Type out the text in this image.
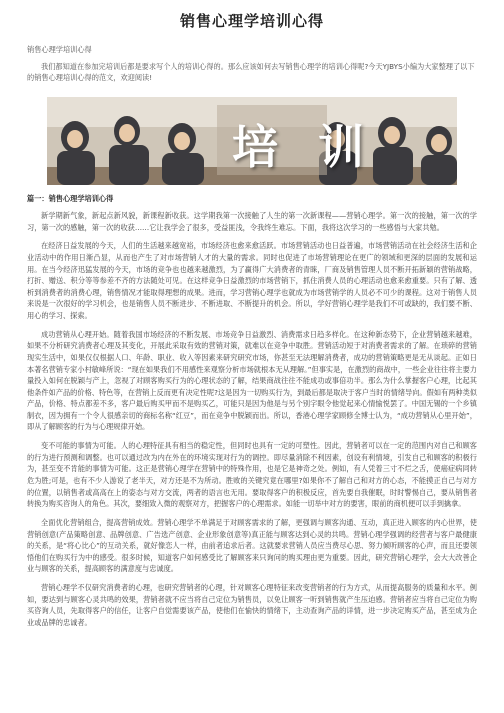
销售心理学培训心得
销售心理学培训心得
我们都知道在参加完培训后都是要求写个人的培训心得的。那么应该如何去写销售心理学的培训心得呢?今天YJBYS小编为大家整理了以下的销售心理培训心得的范文，欢迎阅读!
培 训
篇一：销售心理学培训心得

新学期新气象，新起点新风貌，新课程新收获。这学期我第一次接触了人生的第一次新课程——营销心理学。第一次的接触，第一次的学习，第一次的感触，第一次的收获……它让我学会了很多，受益匪浅，令我终生难忘。下面，我将这次学习的一些感悟与大家共勉。

在经济日益发展的今天，人们的生活越来越宽裕，市场经济也愈来愈活跃。市场营销活动也日益普遍，市场营销活动在社会经济生活和企业活动中的作用日渐凸显，从而也产生了对市场营销人才的大量的需求。同时也促进了市场营销理论在更广的领域和更深的层面的发展和运用。在当今经济迅猛发展的今天，市场的竞争也也越来越激烈，为了赢得广大消费者的青睐，厂商及销售管理人员不断开拓新颖的营销战略，打折、赠送、积分等等参差不齐的方法随处可见。在这样竞争日益激烈的市场营销下，抓住消费人员的心理活动也愈来愈重要。只有了解、透析到消费者的消费心理，销售情况才能取得理想的成果。进而，学习营销心理学也就成为市场营销学的人员必不可少的课程。这对于销售人员来说是一次很好的学习机会，也是销售人员不断进步、不断进取、不断提升的机会。所以，学好营销心理学是我们不可或缺的，我们要不断、用心的学习、探索。

成功营销从心理开始。随着我国市场经济的不断发展、市场竞争日益激烈、消费需求日趋多样化。在这种新态势下，企业营销越来越难，如果不分析研究消费者心理及其变化，开展此采取有效的营销对策，就难以在竞争中取胜。营销活动短于对消费者需求的了解。在琐碎的营销现实生活中，如果仅仅根据人口、年龄、职业、收入等因素来研究研究市场，你甚至无法理解消费者，成功的营销策略更是无从谈起。正如日本著名营销专家小村敏峰所说：“现在如果我们不用感性来观察分析市场就根本无从理解。”但事实是，在激烈的商战中，一些企业往往将主要力量投入如何在脱颖与产上，忽视了对顾客购买行为的心理状态的了解，结果商战往往不能成功或事倍功半。那么为什么掌握客户心理，比起其他条件如产品的价格、特色等，在营销上反而更有决定性呢?这是因为一切购买行为，到最后都是取决于客户当时的情绪导向。假如有两种类似产品，价格、特点都差不多，客户最后购买甲而不是购买乙，可能只是因为他是与另个别字眼令他觉起来心情愉悦罢了。中国无锡的一个乡镇制衣，因为拥有一个令人很感亲切的商标名称“红豆”，而在竞争中脱颖而出。所以，香港心理学家顾修全博士认为，“成功营销从心里开始”，即从了解顾客的行为与心理规律开始。

变不可能的事情为可能。人的心理特征具有相当的稳定性，但同时也具有一定的可塑性。因此，营销者可以在一定的范围内对自己和顾客的行为进行预测和调整。也可以通过改为内在外在的环境实现对行为的调控。即尽量消除不利因素，创设有利情境，引发自己和顾客的积极行为，甚至变不肯能的事情为可能。这正是营销心理学在营销中的特殊作用，也是它是神奇之处。例如，有人凭着三寸不烂之舌，使癌症病同转危为胜;可是，也有不少人游说了老半天，对方还是不为所动。胜败的关键究竟在哪里?如果你不了解自己和对方的心态，不能摸正自己与对方的位置，以销售者或高高在上的姿态与对方交流，两者的语言也无用。要取得客户的积极反应，首先要自我催眠，时时警惕自己，要从销售者转换为购买咨询人的角色。其次，要细致入微的观察对方，把握客户的心理需求。如能一切举中对方的要害，眼前的商机便可以手到擒拿。

全面优化营销组合，提高营销成效。营销心理学不单满足于对顾客需求的了解，更强调与顾客沟通、互动，真正进入顾客的内心世界，使营销创意(产品策略创意、品牌创意、广告选产创意、企业形象创意等)真正能与顾客达到心灵的共鸣。营销心理学强调的经营者与客户最健康的关系，是“将心比心”的互动关系，就好像恋人一样，由前者追求后者。这就要求营销人员应当费尽心思、努力倾听顾客的心声，而且还要领悟他们在购买行为中的感受。很多时候，知道客户如何感受比了解顾客来只询问的购买理由更为重要。因此，研究营销心理学，会大大改善企业与顾客的关系，提高顾客的满意度与忠诚度。

营销心理学不仅研究消费者的心理，也研究营销者的心理，针对顾客心理特征来改变营销者的行为方式，从而提高服务的质量和水平。例如，要达到与顾客心灵共鸣的效果，营销者就不应当将自己定位为销售员，以免让顾客一听到销售就产生压迫感。营销者应当将自己定位为购买咨询人员，先取得客户的信任，让客户自觉需要该产品，使他们在愉快的情绪下，主动查询产品的详情，进一步决定购买产品，甚至成为企业或品牌的忠诚者。
